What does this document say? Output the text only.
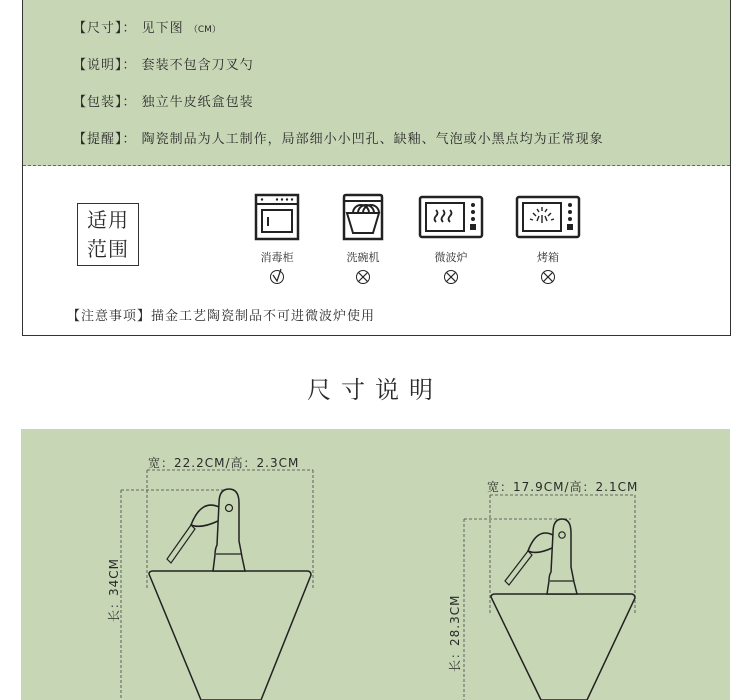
【尺寸】： 见下图 （CM）
【说明】： 套装不包含刀叉勺
【包装】： 独立牛皮纸盒包装
【提醒】： 陶瓷制品为人工制作，局部细小小凹孔、缺釉、气泡或小黑点均为正常现象
适用
范围	消毒柜	洗碗机	微波炉	烤箱
【注意事项】描金工艺陶瓷制品不可进微波炉使用
尺寸说明
宽：22.2CM/高：2.3CM
长：34CM
宽：17.9CM/高：2.1CM
长：28.3CM
